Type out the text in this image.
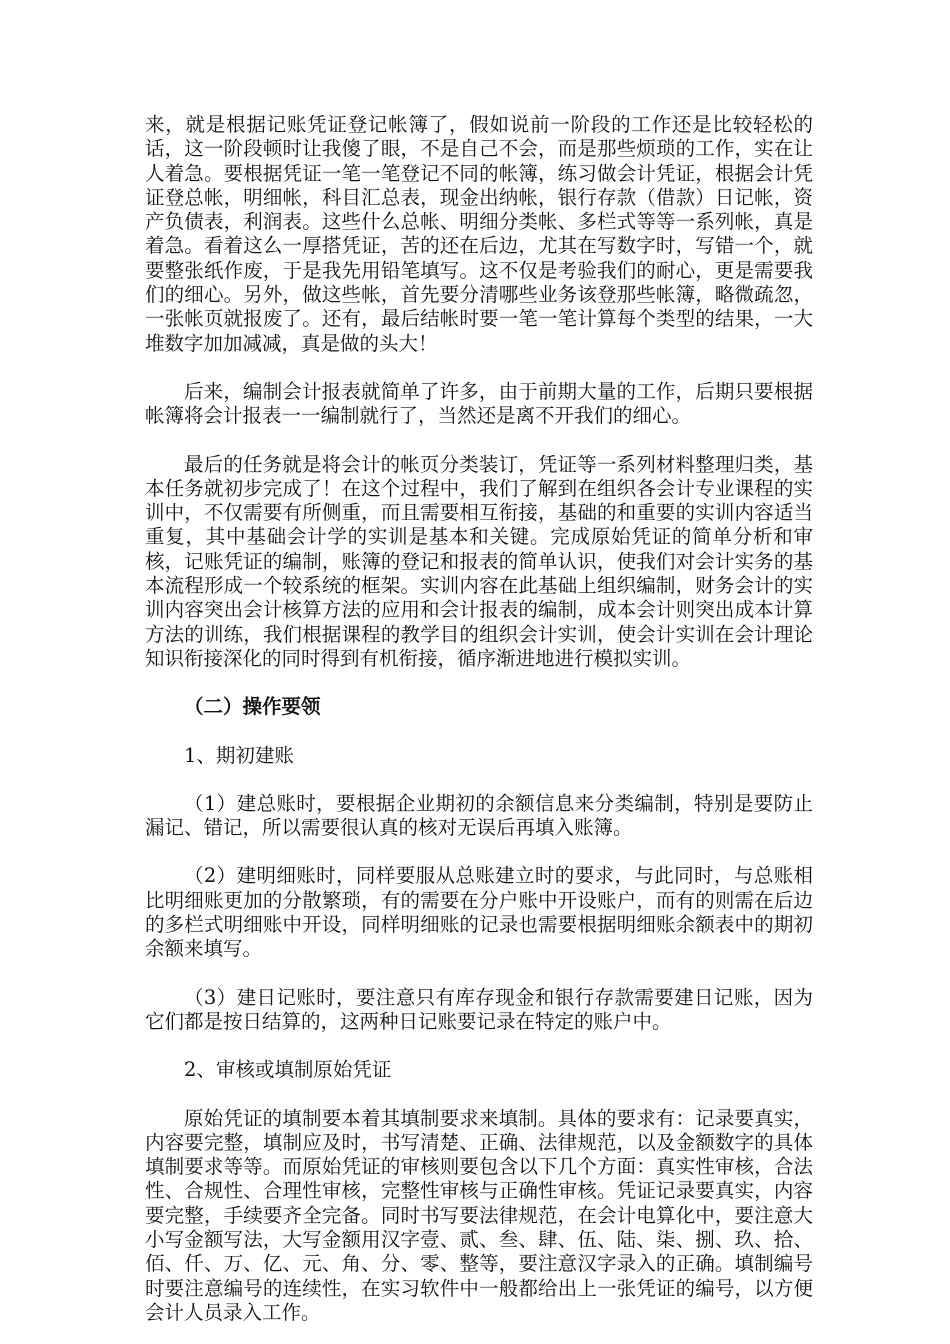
来，就是根据记账凭证登记帐簿了，假如说前一阶段的工作还是比较轻松的话，这一阶段顿时让我傻了眼，不是自己不会，而是那些烦琐的工作，实在让人着急。要根据凭证一笔一笔登记不同的帐簿，练习做会计凭证，根据会计凭证登总帐，明细帐，科目汇总表，现金出纳帐，银行存款（借款）日记帐，资产负债表，利润表。这些什么总帐、明细分类帐、多栏式等等一系列帐，真是着急。看着这么一厚搭凭证，苦的还在后边，尤其在写数字时，写错一个，就要整张纸作废，于是我先用铅笔填写。这不仅是考验我们的耐心，更是需要我们的细心。另外，做这些帐，首先要分清哪些业务该登那些帐簿，略微疏忽，一张帐页就报废了。还有，最后结帐时要一笔一笔计算每个类型的结果，一大堆数字加加减减，真是做的头大！

后来，编制会计报表就简单了许多，由于前期大量的工作，后期只要根据帐簿将会计报表一一编制就行了，当然还是离不开我们的细心。

最后的任务就是将会计的帐页分类装订，凭证等一系列材料整理归类，基本任务就初步完成了！在这个过程中，我们了解到在组织各会计专业课程的实训中，不仅需要有所侧重，而且需要相互衔接，基础的和重要的实训内容适当重复，其中基础会计学的实训是基本和关键。完成原始凭证的简单分析和审核，记账凭证的编制，账簿的登记和报表的简单认识，使我们对会计实务的基本流程形成一个较系统的框架。实训内容在此基础上组织编制，财务会计的实训内容突出会计核算方法的应用和会计报表的编制，成本会计则突出成本计算方法的训练，我们根据课程的教学目的组织会计实训，使会计实训在会计理论知识衔接深化的同时得到有机衔接，循序渐进地进行模拟实训。

（二）操作要领

1、期初建账

（1）建总账时，要根据企业期初的余额信息来分类编制，特别是要防止漏记、错记，所以需要很认真的核对无误后再填入账簿。

（2）建明细账时，同样要服从总账建立时的要求，与此同时，与总账相比明细账更加的分散繁琐，有的需要在分户账中开设账户，而有的则需在后边的多栏式明细账中开设，同样明细账的记录也需要根据明细账余额表中的期初余额来填写。

（3）建日记账时，要注意只有库存现金和银行存款需要建日记账，因为它们都是按日结算的，这两种日记账要记录在特定的账户中。

2、审核或填制原始凭证

原始凭证的填制要本着其填制要求来填制。具体的要求有：记录要真实，内容要完整，填制应及时，书写清楚、正确、法律规范，以及金额数字的具体填制要求等等。而原始凭证的审核则要包含以下几个方面：真实性审核，合法性、合规性、合理性审核，完整性审核与正确性审核。凭证记录要真实，内容要完整，手续要齐全完备。同时书写要法律规范，在会计电算化中，要注意大小写金额写法，大写金额用汉字壹、贰、叁、肆、伍、陆、柒、捌、玖、拾、佰、仟、万、亿、元、角、分、零、整等，要注意汉字录入的正确。填制编号时要注意编号的连续性，在实习软件中一般都给出上一张凭证的编号，以方便会计人员录入工作。
